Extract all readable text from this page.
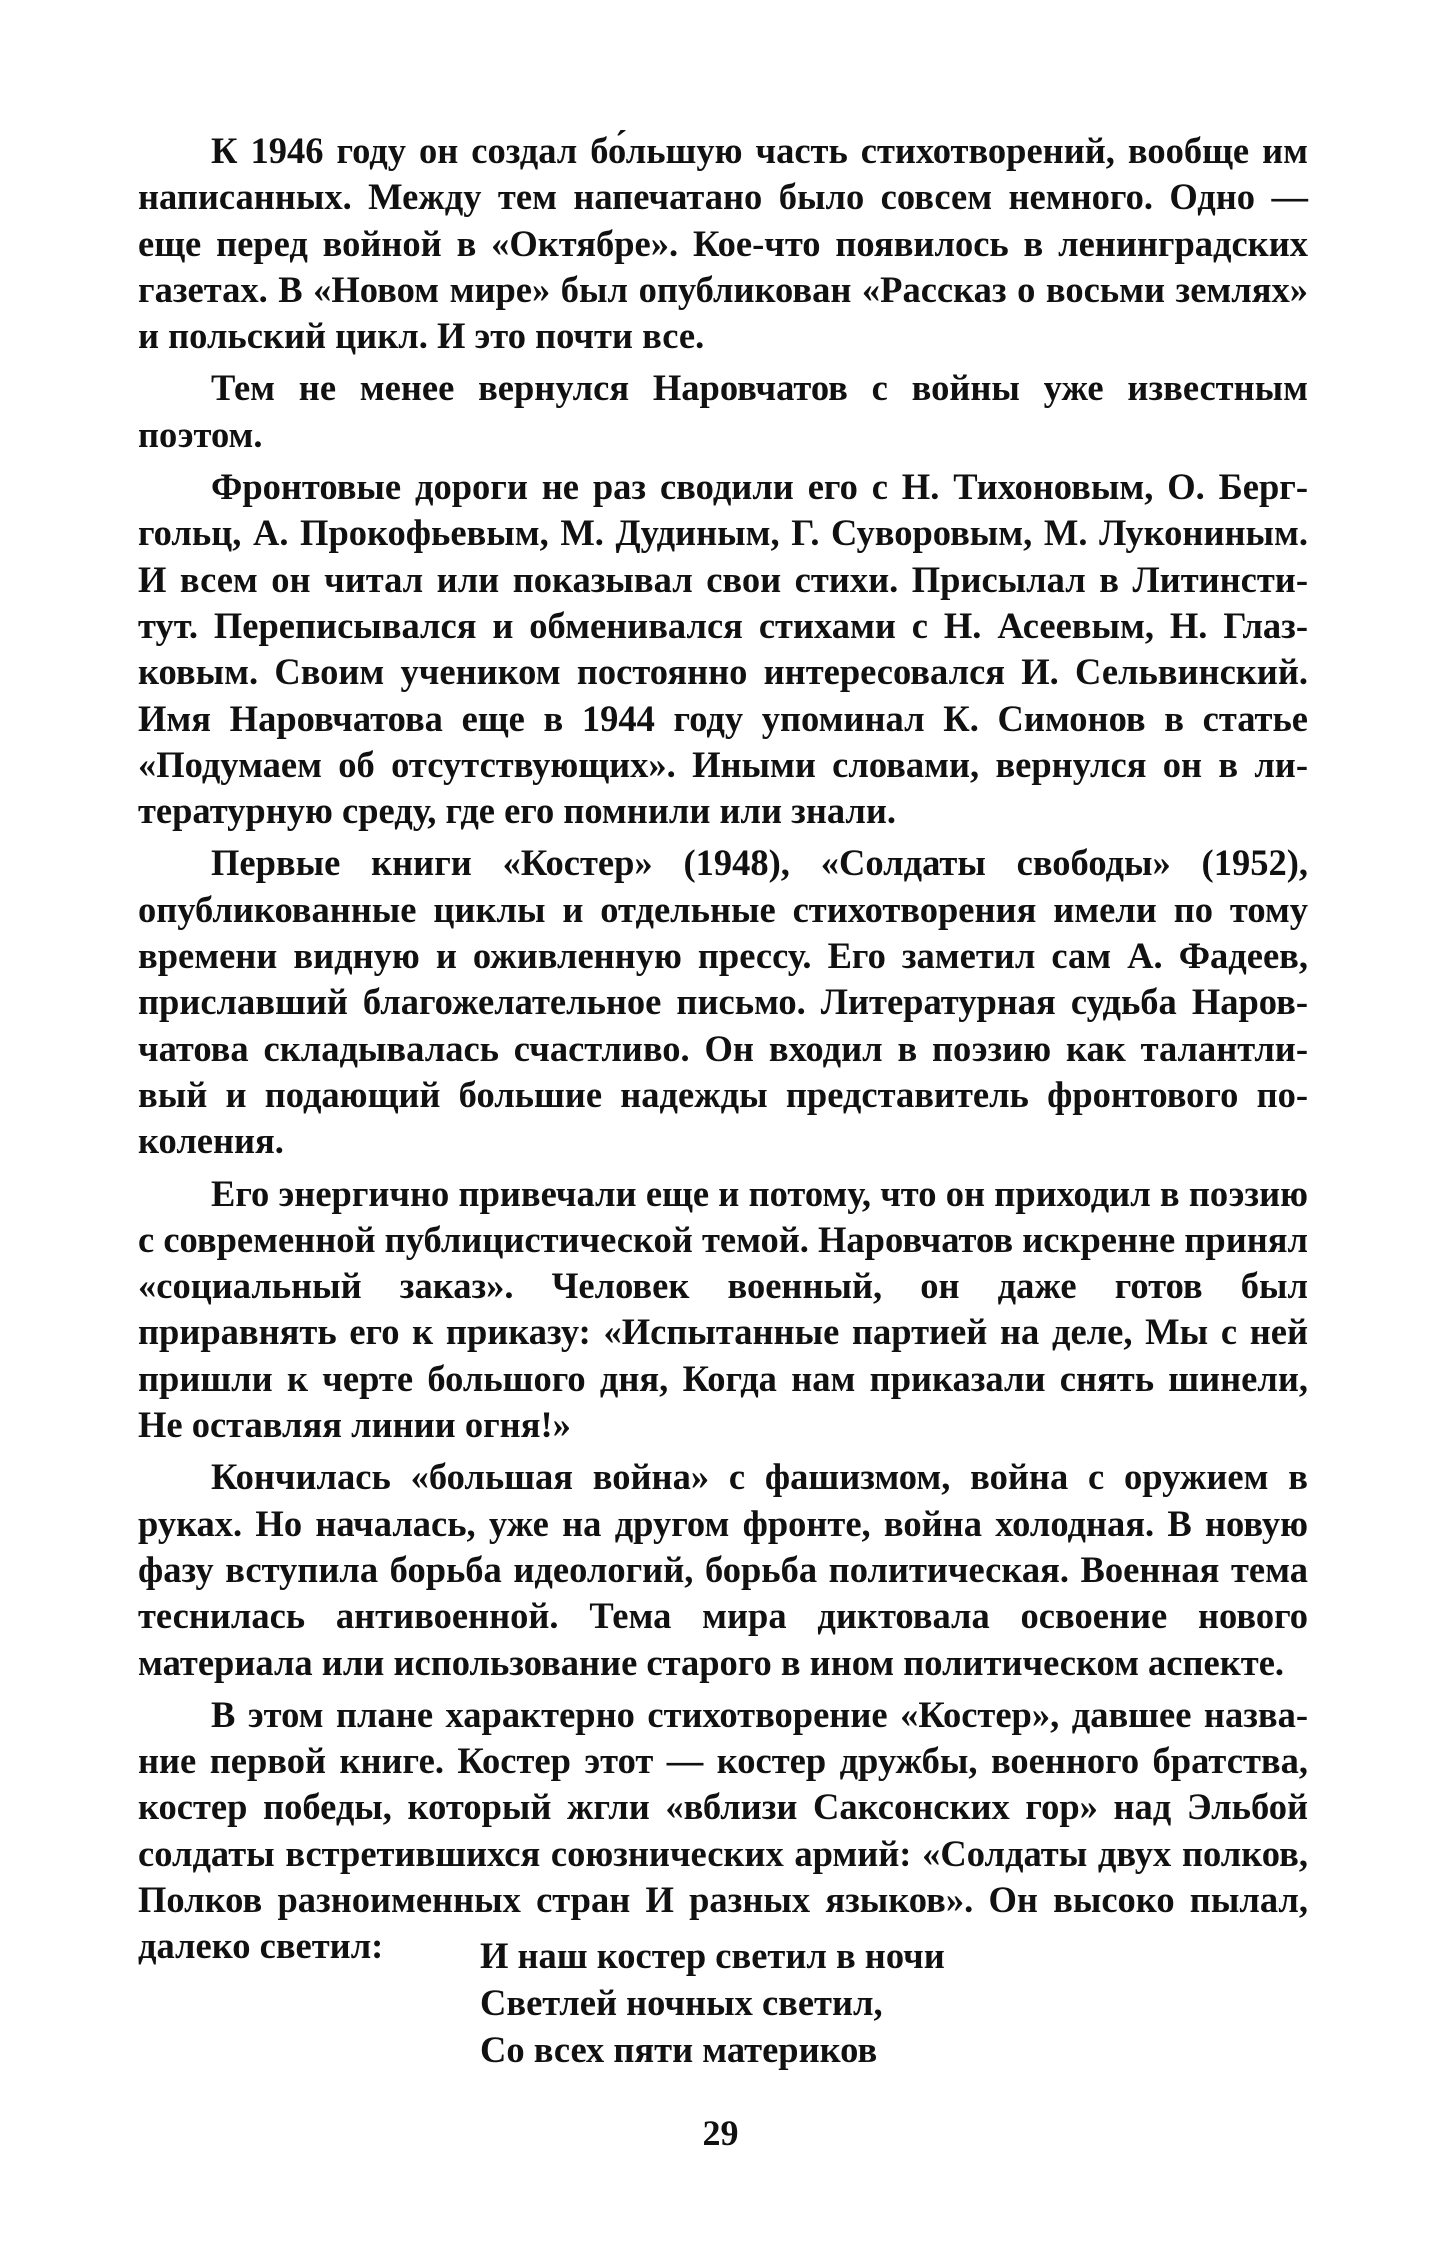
К 1946 году он создал бо́льшую часть стихотворений, вообще им написанных. Между тем напечатано было совсем немного. Одно — еще перед войной в «Октябре». Кое-что появилось в ленинградских газетах. В «Новом мире» был опубликован «Рассказ о восьми землях» и польский цикл. И это почти все.

Тем не менее вернулся Наровчатов с войны уже известным поэтом.

Фронтовые дороги не раз сводили его с Н. Тихоновым, О. Берггольц, А. Прокофьевым, М. Дудиным, Г. Суворовым, М. Лукониным. И всем он читал или показывал свои стихи. Присылал в Литинститут. Переписывался и обменивался стихами с Н. Асеевым, Н. Глазковым. Своим учеником постоянно интересовался И. Сельвинский. Имя Наровчатова еще в 1944 году упоминал К. Симонов в статье «Подумаем об отсутствующих». Иными словами, вернулся он в литературную среду, где его помнили или знали.

Первые книги «Костер» (1948), «Солдаты свободы» (1952), опубликованные циклы и отдельные стихотворения имели по тому времени видную и оживленную прессу. Его заметил сам А. Фадеев, приславший благожелательное письмо. Литературная судьба Наровчатова складывалась счастливо. Он входил в поэзию как талантливый и подающий большие надежды представитель фронтового поколения.

Его энергично привечали еще и потому, что он приходил в поэзию с современной публицистической темой. Наровчатов искренне принял «социальный заказ». Человек военный, он даже готов был приравнять его к приказу: «Испытанные партией на деле, Мы с ней пришли к черте большого дня, Когда нам приказали снять шинели, Не оставляя линии огня!»

Кончилась «большая война» с фашизмом, война с оружием в руках. Но началась, уже на другом фронте, война холодная. В новую фазу вступила борьба идеологий, борьба политическая. Военная тема теснилась антивоенной. Тема мира диктовала освоение нового материала или использование старого в ином политическом аспекте.

В этом плане характерно стихотворение «Костер», давшее название первой книге. Костер этот — костер дружбы, военного братства, костер победы, который жгли «вблизи Саксонских гор» над Эльбой солдаты встретившихся союзнических армий: «Солдаты двух полков, Полков разноименных стран И разных языков». Он высоко пылал, далеко светил:	И наш костер светил в ночи
Светлей ночных светил,
Со всех пяти материков
29
